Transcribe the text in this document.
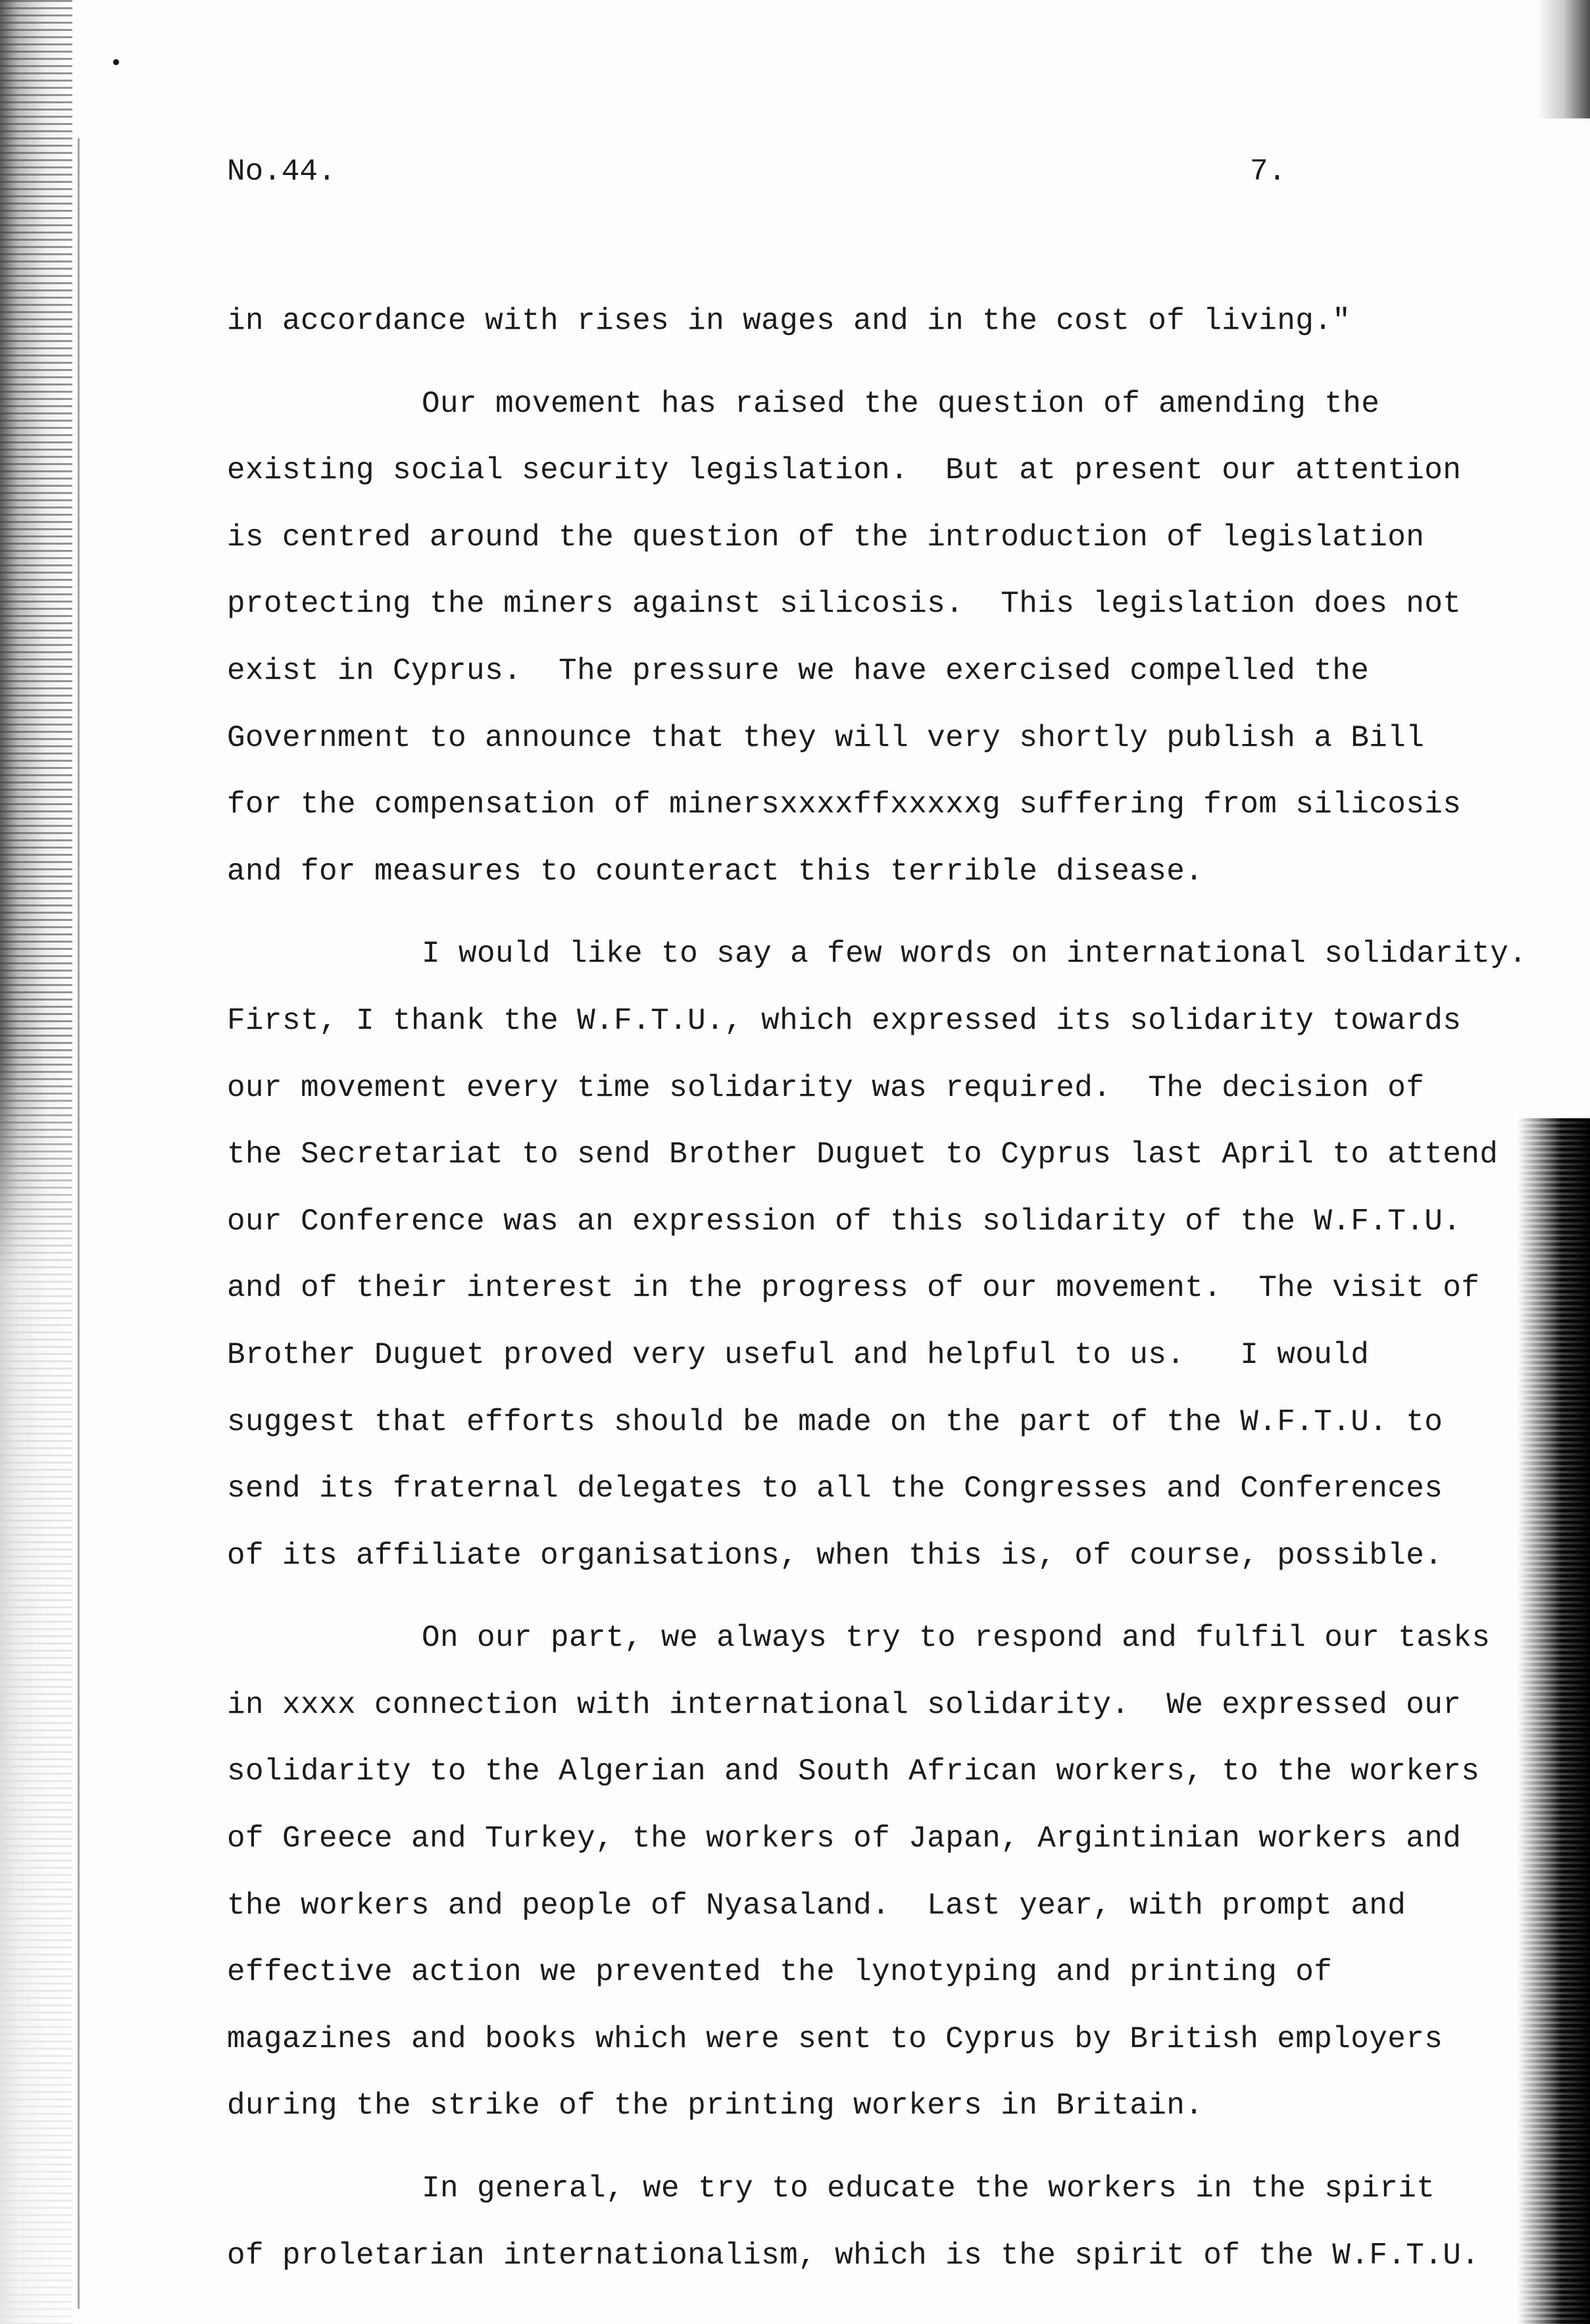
No.44.	7.
in accordance with rises in wages and in the cost of living."
Our movement has raised the question of amending the
existing social security legislation.  But at present our attention
is centred around the question of the introduction of legislation
protecting the miners against silicosis.  This legislation does not
exist in Cyprus.  The pressure we have exercised compelled the
Government to announce that they will very shortly publish a Bill
for the compensation of minersxxxxffxxxxxg suffering from silicosis
and for measures to counteract this terrible disease.
I would like to say a few words on international solidarity.
First, I thank the W.F.T.U., which expressed its solidarity towards
our movement every time solidarity was required.  The decision of
the Secretariat to send Brother Duguet to Cyprus last April to attend
our Conference was an expression of this solidarity of the W.F.T.U.
and of their interest in the progress of our movement.  The visit of
Brother Duguet proved very useful and helpful to us.   I would
suggest that efforts should be made on the part of the W.F.T.U. to
send its fraternal delegates to all the Congresses and Conferences
of its affiliate organisations, when this is, of course, possible.
On our part, we always try to respond and fulfil our tasks
in xxxx connection with international solidarity.  We expressed our
solidarity to the Algerian and South African workers, to the workers
of Greece and Turkey, the workers of Japan, Argintinian workers and
the workers and people of Nyasaland.  Last year, with prompt and
effective action we prevented the lynotyping and printing of
magazines and books which were sent to Cyprus by British employers
during the strike of the printing workers in Britain.
In general, we try to educate the workers in the spirit
of proletarian internationalism, which is the spirit of the W.F.T.U.
